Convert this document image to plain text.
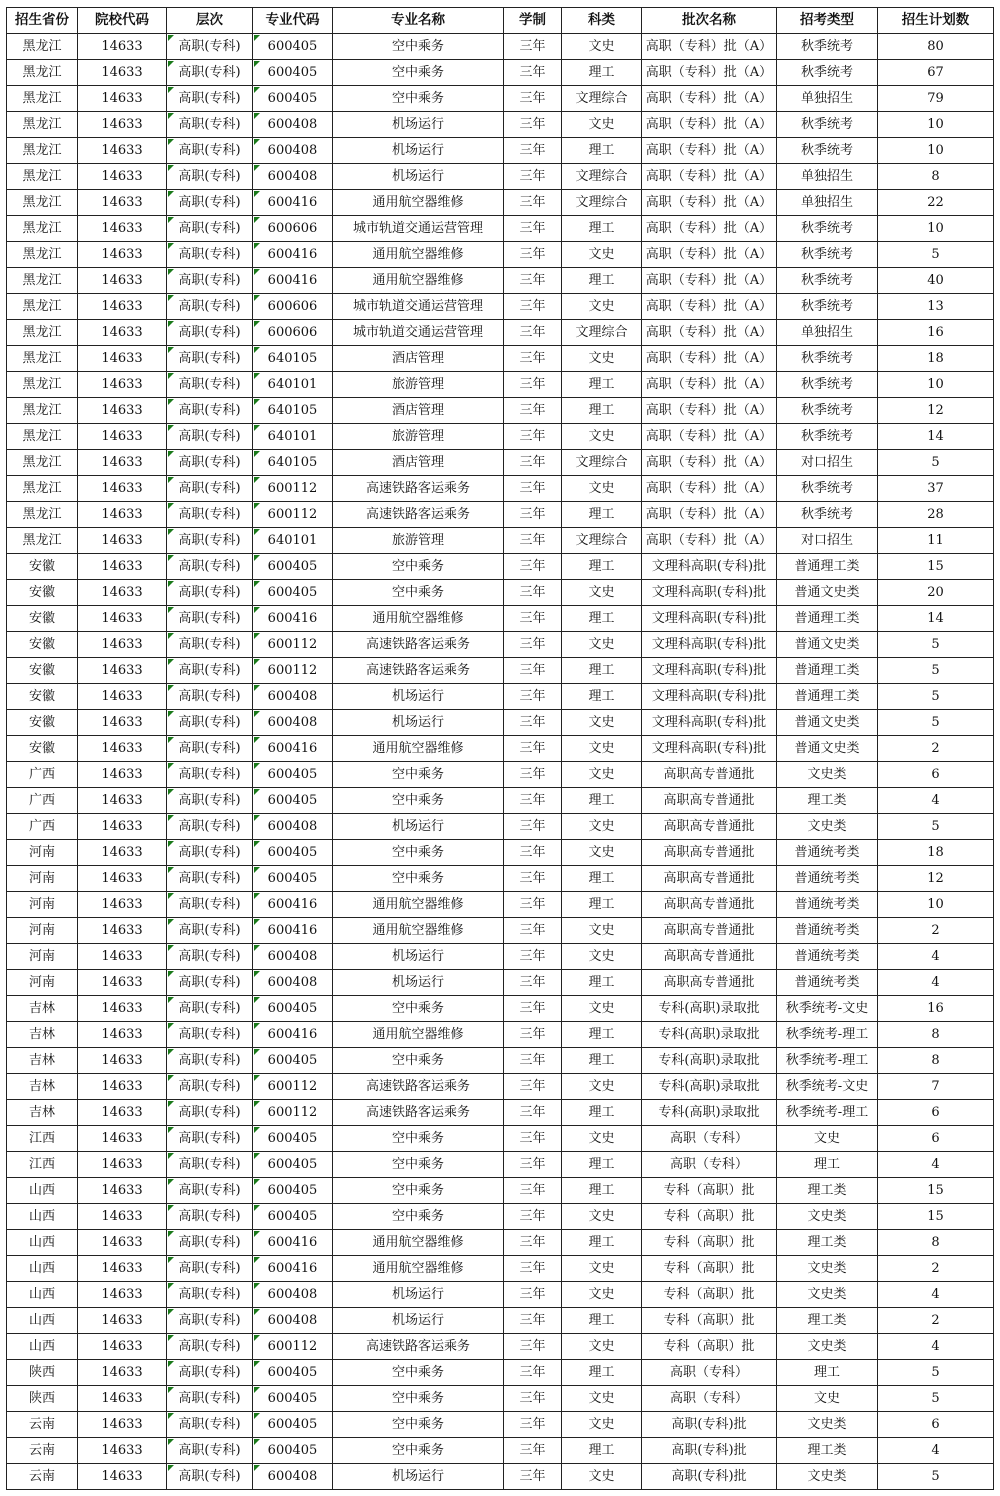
招生省份	院校代码	层次	专业代码	专业名称	学制	科类	批次名称	招考类型	招生计划数
黑龙江	14633	高职(专科)	600405	空中乘务	三年	文史	高职（专科）批（A）	秋季统考	80
黑龙江	14633	高职(专科)	600405	空中乘务	三年	理工	高职（专科）批（A）	秋季统考	67
黑龙江	14633	高职(专科)	600405	空中乘务	三年	文理综合	高职（专科）批（A）	单独招生	79
黑龙江	14633	高职(专科)	600408	机场运行	三年	文史	高职（专科）批（A）	秋季统考	10
黑龙江	14633	高职(专科)	600408	机场运行	三年	理工	高职（专科）批（A）	秋季统考	10
黑龙江	14633	高职(专科)	600408	机场运行	三年	文理综合	高职（专科）批（A）	单独招生	8
黑龙江	14633	高职(专科)	600416	通用航空器维修	三年	文理综合	高职（专科）批（A）	单独招生	22
黑龙江	14633	高职(专科)	600606	城市轨道交通运营管理	三年	理工	高职（专科）批（A）	秋季统考	10
黑龙江	14633	高职(专科)	600416	通用航空器维修	三年	文史	高职（专科）批（A）	秋季统考	5
黑龙江	14633	高职(专科)	600416	通用航空器维修	三年	理工	高职（专科）批（A）	秋季统考	40
黑龙江	14633	高职(专科)	600606	城市轨道交通运营管理	三年	文史	高职（专科）批（A）	秋季统考	13
黑龙江	14633	高职(专科)	600606	城市轨道交通运营管理	三年	文理综合	高职（专科）批（A）	单独招生	16
黑龙江	14633	高职(专科)	640105	酒店管理	三年	文史	高职（专科）批（A）	秋季统考	18
黑龙江	14633	高职(专科)	640101	旅游管理	三年	理工	高职（专科）批（A）	秋季统考	10
黑龙江	14633	高职(专科)	640105	酒店管理	三年	理工	高职（专科）批（A）	秋季统考	12
黑龙江	14633	高职(专科)	640101	旅游管理	三年	文史	高职（专科）批（A）	秋季统考	14
黑龙江	14633	高职(专科)	640105	酒店管理	三年	文理综合	高职（专科）批（A）	对口招生	5
黑龙江	14633	高职(专科)	600112	高速铁路客运乘务	三年	文史	高职（专科）批（A）	秋季统考	37
黑龙江	14633	高职(专科)	600112	高速铁路客运乘务	三年	理工	高职（专科）批（A）	秋季统考	28
黑龙江	14633	高职(专科)	640101	旅游管理	三年	文理综合	高职（专科）批（A）	对口招生	11
安徽	14633	高职(专科)	600405	空中乘务	三年	理工	文理科高职(专科)批	普通理工类	15
安徽	14633	高职(专科)	600405	空中乘务	三年	文史	文理科高职(专科)批	普通文史类	20
安徽	14633	高职(专科)	600416	通用航空器维修	三年	理工	文理科高职(专科)批	普通理工类	14
安徽	14633	高职(专科)	600112	高速铁路客运乘务	三年	文史	文理科高职(专科)批	普通文史类	5
安徽	14633	高职(专科)	600112	高速铁路客运乘务	三年	理工	文理科高职(专科)批	普通理工类	5
安徽	14633	高职(专科)	600408	机场运行	三年	理工	文理科高职(专科)批	普通理工类	5
安徽	14633	高职(专科)	600408	机场运行	三年	文史	文理科高职(专科)批	普通文史类	5
安徽	14633	高职(专科)	600416	通用航空器维修	三年	文史	文理科高职(专科)批	普通文史类	2
广西	14633	高职(专科)	600405	空中乘务	三年	文史	高职高专普通批	文史类	6
广西	14633	高职(专科)	600405	空中乘务	三年	理工	高职高专普通批	理工类	4
广西	14633	高职(专科)	600408	机场运行	三年	文史	高职高专普通批	文史类	5
河南	14633	高职(专科)	600405	空中乘务	三年	文史	高职高专普通批	普通统考类	18
河南	14633	高职(专科)	600405	空中乘务	三年	理工	高职高专普通批	普通统考类	12
河南	14633	高职(专科)	600416	通用航空器维修	三年	理工	高职高专普通批	普通统考类	10
河南	14633	高职(专科)	600416	通用航空器维修	三年	文史	高职高专普通批	普通统考类	2
河南	14633	高职(专科)	600408	机场运行	三年	文史	高职高专普通批	普通统考类	4
河南	14633	高职(专科)	600408	机场运行	三年	理工	高职高专普通批	普通统考类	4
吉林	14633	高职(专科)	600405	空中乘务	三年	文史	专科(高职)录取批	秋季统考-文史	16
吉林	14633	高职(专科)	600416	通用航空器维修	三年	理工	专科(高职)录取批	秋季统考-理工	8
吉林	14633	高职(专科)	600405	空中乘务	三年	理工	专科(高职)录取批	秋季统考-理工	8
吉林	14633	高职(专科)	600112	高速铁路客运乘务	三年	文史	专科(高职)录取批	秋季统考-文史	7
吉林	14633	高职(专科)	600112	高速铁路客运乘务	三年	理工	专科(高职)录取批	秋季统考-理工	6
江西	14633	高职(专科)	600405	空中乘务	三年	文史	高职（专科）	文史	6
江西	14633	高职(专科)	600405	空中乘务	三年	理工	高职（专科）	理工	4
山西	14633	高职(专科)	600405	空中乘务	三年	理工	专科（高职）批	理工类	15
山西	14633	高职(专科)	600405	空中乘务	三年	文史	专科（高职）批	文史类	15
山西	14633	高职(专科)	600416	通用航空器维修	三年	理工	专科（高职）批	理工类	8
山西	14633	高职(专科)	600416	通用航空器维修	三年	文史	专科（高职）批	文史类	2
山西	14633	高职(专科)	600408	机场运行	三年	文史	专科（高职）批	文史类	4
山西	14633	高职(专科)	600408	机场运行	三年	理工	专科（高职）批	理工类	2
山西	14633	高职(专科)	600112	高速铁路客运乘务	三年	文史	专科（高职）批	文史类	4
陕西	14633	高职(专科)	600405	空中乘务	三年	理工	高职（专科）	理工	5
陕西	14633	高职(专科)	600405	空中乘务	三年	文史	高职（专科）	文史	5
云南	14633	高职(专科)	600405	空中乘务	三年	文史	高职(专科)批	文史类	6
云南	14633	高职(专科)	600405	空中乘务	三年	理工	高职(专科)批	理工类	4
云南	14633	高职(专科)	600408	机场运行	三年	文史	高职(专科)批	文史类	5
